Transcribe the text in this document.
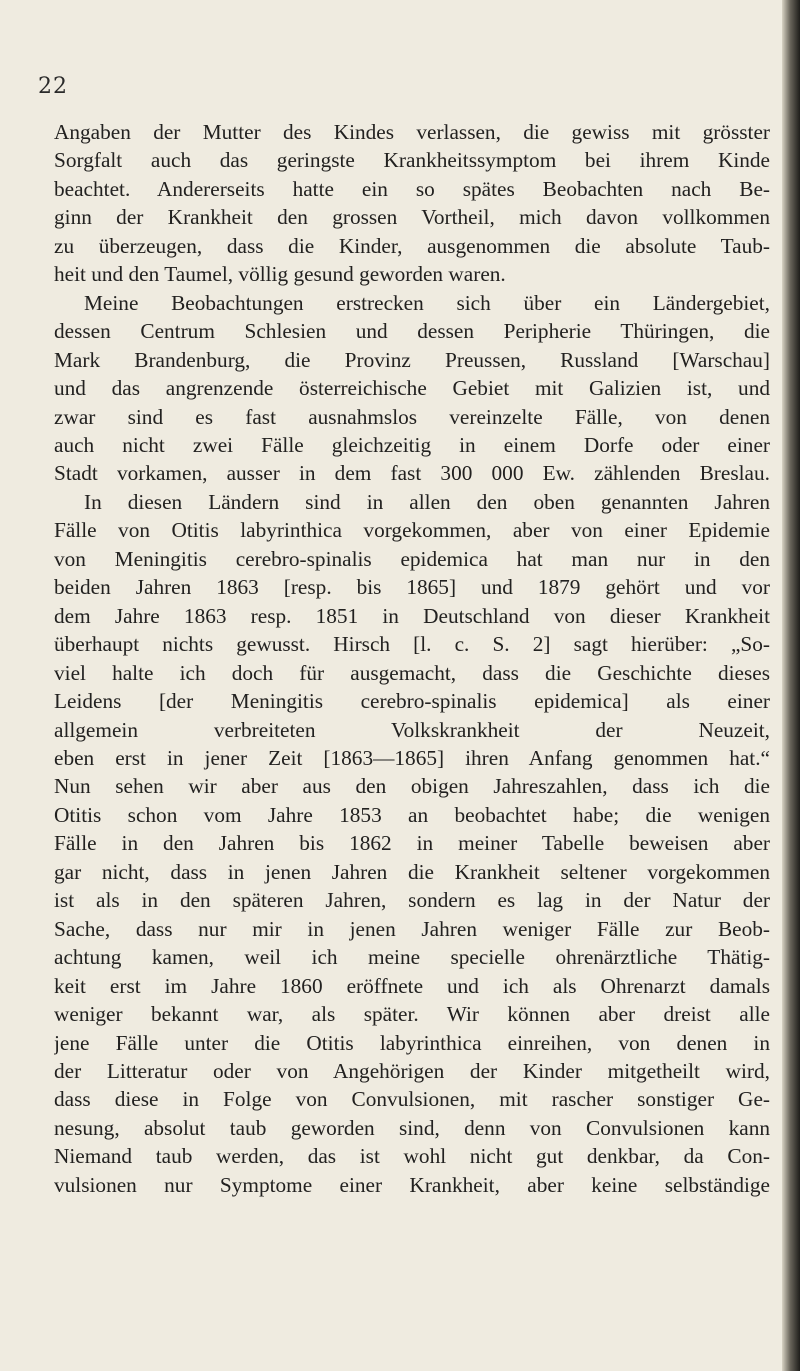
22
Angaben der Mutter des Kindes verlassen, die gewiss mit grösster
Sorgfalt auch das geringste Krankheitssymptom bei ihrem Kinde
beachtet. Andererseits hatte ein so spätes Beobachten nach Be-
ginn der Krankheit den grossen Vortheil, mich davon vollkommen
zu überzeugen, dass die Kinder, ausgenommen die absolute Taub-
heit und den Taumel, völlig gesund geworden waren.
Meine Beobachtungen erstrecken sich über ein Ländergebiet,
dessen Centrum Schlesien und dessen Peripherie Thüringen, die
Mark Brandenburg, die Provinz Preussen, Russland [Warschau]
und das angrenzende österreichische Gebiet mit Galizien ist, und
zwar sind es fast ausnahmslos vereinzelte Fälle, von denen
auch nicht zwei Fälle gleichzeitig in einem Dorfe oder einer
Stadt vorkamen, ausser in dem fast 300 000 Ew. zählenden Breslau.
In diesen Ländern sind in allen den oben genannten Jahren
Fälle von Otitis labyrinthica vorgekommen, aber von einer Epidemie
von Meningitis cerebro-spinalis epidemica hat man nur in den
beiden Jahren 1863 [resp. bis 1865] und 1879 gehört und vor
dem Jahre 1863 resp. 1851 in Deutschland von dieser Krankheit
überhaupt nichts gewusst. Hirsch [l. c. S. 2] sagt hierüber: „So-
viel halte ich doch für ausgemacht, dass die Geschichte dieses
Leidens [der Meningitis cerebro-spinalis epidemica] als einer
allgemein verbreiteten Volkskrankheit der Neuzeit,
eben erst in jener Zeit [1863—1865] ihren Anfang genommen hat.“
Nun sehen wir aber aus den obigen Jahreszahlen, dass ich die
Otitis schon vom Jahre 1853 an beobachtet habe; die wenigen
Fälle in den Jahren bis 1862 in meiner Tabelle beweisen aber
gar nicht, dass in jenen Jahren die Krankheit seltener vorgekommen
ist als in den späteren Jahren, sondern es lag in der Natur der
Sache, dass nur mir in jenen Jahren weniger Fälle zur Beob-
achtung kamen, weil ich meine specielle ohrenärztliche Thätig-
keit erst im Jahre 1860 eröffnete und ich als Ohrenarzt damals
weniger bekannt war, als später. Wir können aber dreist alle
jene Fälle unter die Otitis labyrinthica einreihen, von denen in
der Litteratur oder von Angehörigen der Kinder mitgetheilt wird,
dass diese in Folge von Convulsionen, mit rascher sonstiger Ge-
nesung, absolut taub geworden sind, denn von Convulsionen kann
Niemand taub werden, das ist wohl nicht gut denkbar, da Con-
vulsionen nur Symptome einer Krankheit, aber keine selbständige
